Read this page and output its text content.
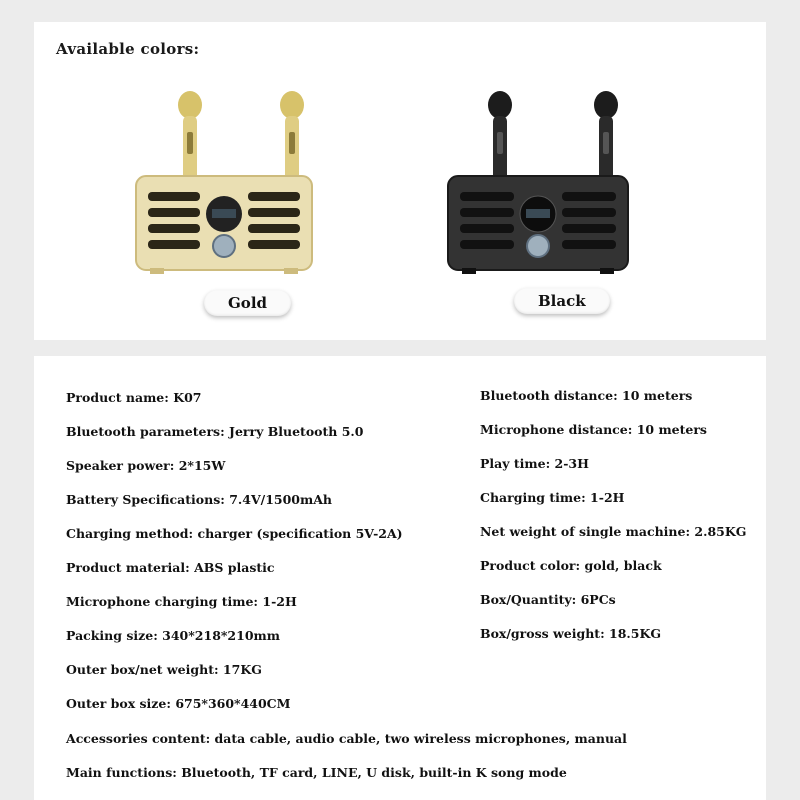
Available colors:
Gold	Black
Product name: K07
Bluetooth parameters: Jerry Bluetooth 5.0
Speaker power: 2*15W
Battery Specifications: 7.4V/1500mAh
Charging method: charger (specification 5V-2A)
Product material: ABS plastic
Microphone charging time: 1-2H
Packing size: 340*218*210mm
Outer box/net weight: 17KG
Outer box size: 675*360*440CM
Bluetooth distance: 10 meters
Microphone distance: 10 meters
Play time: 2-3H
Charging time: 1-2H
Net weight of single machine: 2.85KG
Product color: gold, black
Box/Quantity: 6PCs
Box/gross weight: 18.5KG
Accessories content: data cable, audio cable, two wireless microphones, manual
Main functions: Bluetooth, TF card, LINE, U disk, built-in K song mode
